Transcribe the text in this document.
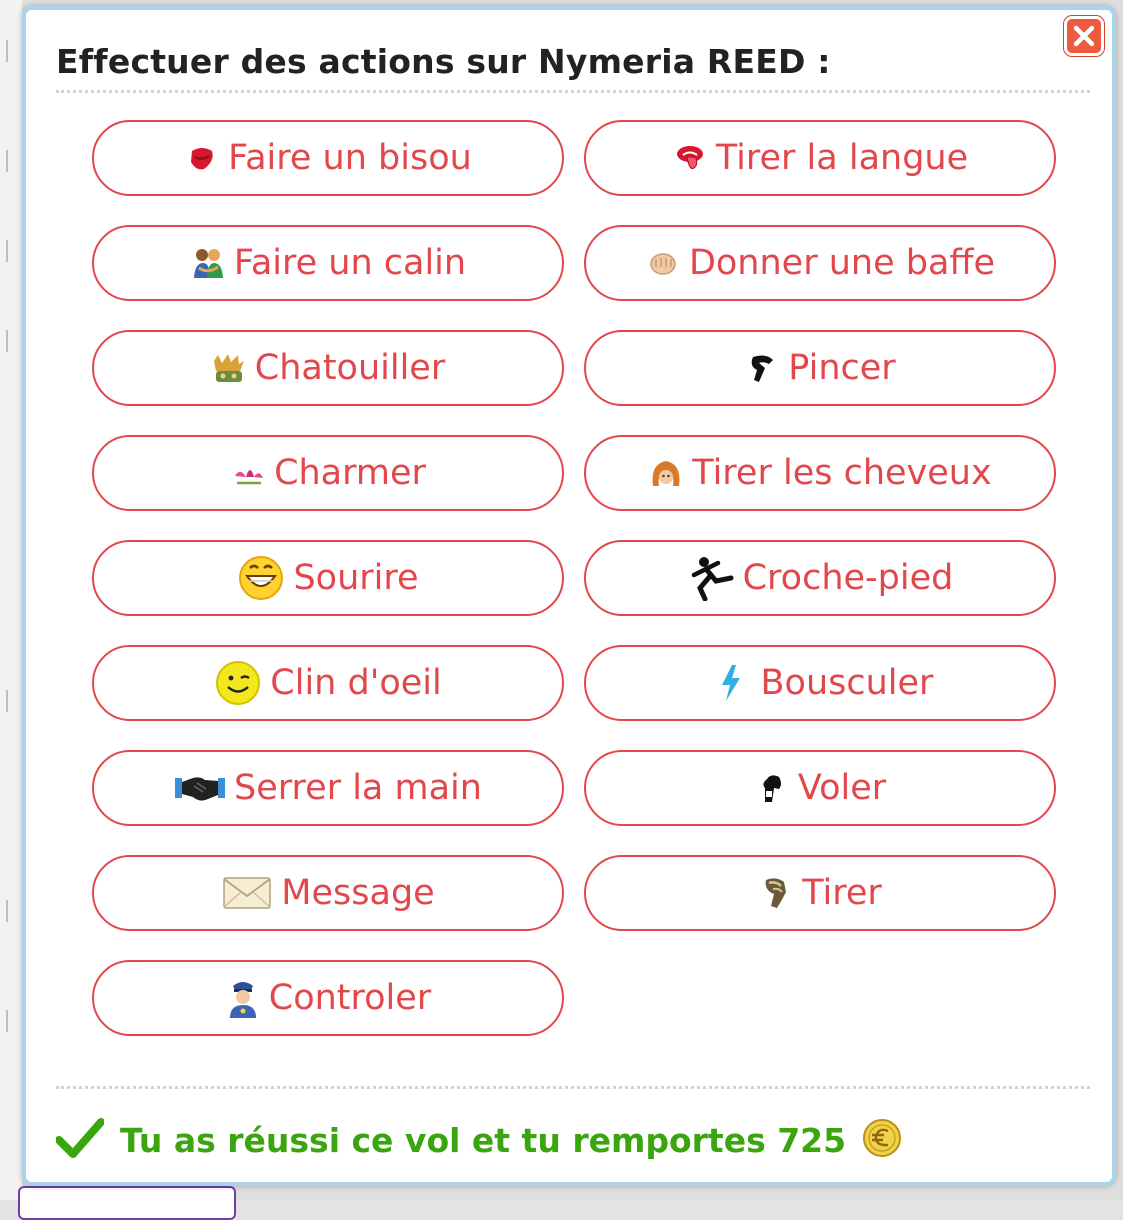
Effectuer des actions sur Nymeria REED :
Faire un bisou	Tirer la langue
Faire un calin	Donner une baffe
Chatouiller	Pincer
Charmer	Tirer les cheveux
Sourire	Croche-pied
Clin d'oeil	Bousculer
Serrer la main	Voler
Message	Tirer
Controler
Tu as réussi ce vol et tu remportes 725
